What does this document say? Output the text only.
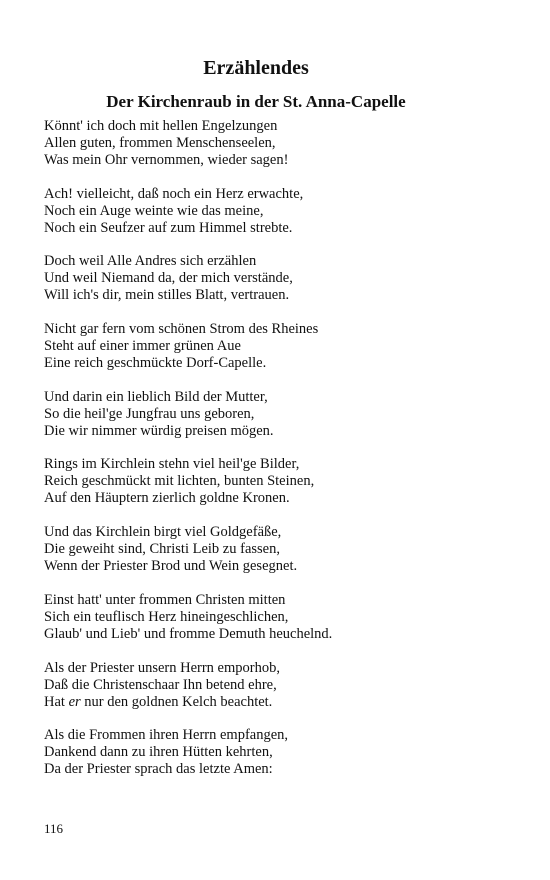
Erzählendes
Der Kirchenraub in der St. Anna-Capelle
Könnt' ich doch mit hellen Engelzungen
Allen guten, frommen Menschenseelen,
Was mein Ohr vernommen, wieder sagen!
Ach! vielleicht, daß noch ein Herz erwachte,
Noch ein Auge weinte wie das meine,
Noch ein Seufzer auf zum Himmel strebte.
Doch weil Alle Andres sich erzählen
Und weil Niemand da, der mich verstände,
Will ich's dir, mein stilles Blatt, vertrauen.
Nicht gar fern vom schönen Strom des Rheines
Steht auf einer immer grünen Aue
Eine reich geschmückte Dorf-Capelle.
Und darin ein lieblich Bild der Mutter,
So die heil'ge Jungfrau uns geboren,
Die wir nimmer würdig preisen mögen.
Rings im Kirchlein stehn viel heil'ge Bilder,
Reich geschmückt mit lichten, bunten Steinen,
Auf den Häuptern zierlich goldne Kronen.
Und das Kirchlein birgt viel Goldgefäße,
Die geweiht sind, Christi Leib zu fassen,
Wenn der Priester Brod und Wein gesegnet.
Einst hatt' unter frommen Christen mitten
Sich ein teuflisch Herz hineingeschlichen,
Glaub' und Lieb' und fromme Demuth heuchelnd.
Als der Priester unsern Herrn emporhob,
Daß die Christenschaar Ihn betend ehre,
Hat er nur den goldnen Kelch beachtet.
Als die Frommen ihren Herrn empfangen,
Dankend dann zu ihren Hütten kehrten,
Da der Priester sprach das letzte Amen:
116
